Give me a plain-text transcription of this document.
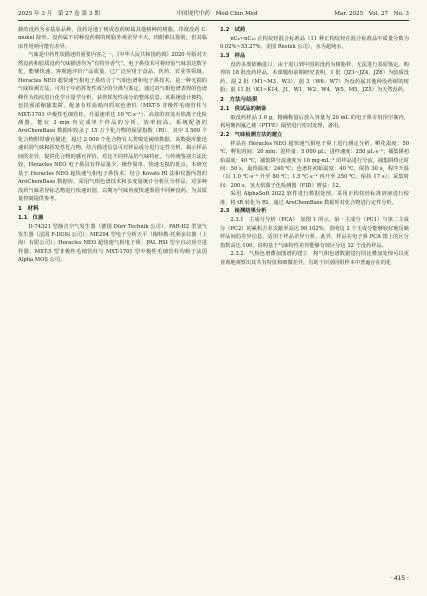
2025 年 3 月　第 27 卷 第 3 期	中国现代中药　Mod Chin Med	Mar. 2025　Vol. 27　No. 3

载的没药为多基原品种。没药是地丁树或没药树属其他树种的树脂，印度没药 C. mukul 除外。没药属不同种没药树的树脂外观差异不大，肉眼难以鉴别，但其临床作用则可能有差异。

气味是中药性状描述的重要内容之一，《中华人民共和国药典》2020 年版对天然没药和胶质没药气味描述均为“有特异香气”。电子鼻技术可将经验气味表达数字化，能够快速、客观地评价产品质量，已广泛应用于食品、医药、农业等领域。Heracles NEO 超快速气相电子鼻结合了气相色谱和电子鼻技术，是一种无损的气味检测方法，可用于中药挥发性成分的分离与鉴定，通过对气相色谱表得的色谱峰作为指纹进行化学计量学分析，获得挥发性成分的整体信息。该系统设计独特，包括预浓缩捕集阱、配备有柱温箱内的双色谱柱（MXT-5 非极性毛细管柱与 MXT-1701 中极性毛细管柱，升温速率达 10 ℃·s⁻¹）、高效的双氢火焰离子化检测器，能在 3 min 内完成单个样品的分析，效率较高。系统配备的 AroChemBase 数据库收录了 15 万个化合物的保留指数（RI），其中 3 500 个化合物附带感官描述，超过 2 000 个化合物有人类嗅觉阈值数据。该数据库能迅速识别气味和挥发性化合物，结合描述信息可对样品成分进行定性分析，揭示样品间的差异，提供化合物的感官评价，对比不同样品的气味特征。与传统鉴别方法比较，Heracles NEO 电子鼻具有样品量少、操作简单、快速无损的优点。本研究基于 Heracles NEO 超快速气相电子鼻技术，结合 Kovats RI 法和仪器内置的 AroChemBase 数据库，采用气相色谱技术和多变量统计分析区分样品，对多种没药气味差异标志物进行快速识别，以期为气味角度快速鉴别不同种没药，为其质量控制提供参考。

1　材料
1.1　仪器

D-74321 型静音空气发生器（德国 Dürr Technik 公司）；PAR-H2 型氢气发生器（法国 F-DGSi 公司）；ME204 型电子分析天平（梅特勒-托利多仪器（上海）有限公司）；Heracles NEO 超快速气相电子鼻、PAL RSI 型全自动顶空进样器、MXT-5 型非极性毛细管柱与 MXT-1701 型中极性毛细管柱均购于法国 Alpha MOS 公司。

1.2　试药

nC₆~nC₁₆ 正构烷烃混合标准品（11 种正构烷烃在混合标准品中质量分数为 0.02%~53.27%，美国 Restek 公司），水为超纯水。

1.3　样品

没药多部依赖进口，由于进口到中国的没药为树脂样，无法进行基原鉴定。购得的 18 批没药样品，本课题组前期研究表明，1 批（JZ1~JZ4、JZ6）为胶质没药，混 2 批（M1~M3、W3）、混 3（W6、W7）为没药属其他种没药树的树脂；混 11 批（K1~K14、J1、W1、W2、W4、W5、M5、JZ5）为天然没药。

2　方法与结果
2.1　供试品的制备

取没药样品 1.0 g，精确称量后放入容量为 20 mL 的电子鼻专用顶空瓶内，利用聚四氟乙烯（PTFE）隔垫进行密封处理，备用。

2.2　气味检测方法的建立

样品在 Heracles NEO 超快速气相电子鼻上进行测定分析。孵化温度：50 ℃，孵化时间：20 min；进样量：5 000 μL；进样速度：250 μL·s⁻¹；捕集阱初始温度：40 ℃，捕集阱分流速度为 10 mg·mL⁻¹ 的样品进行分流，捕集阱终止时间：50 s，最终温度：240 ℃；色谱柱初始温度：40 ℃，保持 30 s，程序升温（以 1.0 ℃·s⁻¹ 升至 80 ℃；1.5 ℃·s⁻¹ 再升至 250 ℃，保持 17 s）；采集时间：200 s，氢火焰离子化检测器（FID）增益：12。

采用 AlphaSoft 2022 软件进行数据处理。采用正构烷烃标准溶液进行校准，将 tR 转化为 RI，通过 AroChemBase 数据库对化合物进行定性分析。

2.3　检测结果分析

2.3.1　主成分分析（PCA）　如图 1 所示，第一主成分（PC1）与第二主成分（PC2）的累积方差贡献率高达 99.102%，表明这 2 个主成分能够较好地反映样品间的差异信息，适用于样品差异分析。此外，样品在电子鼻 PCA 图上的区分指数高达 100，说明基于气味特性差异能够有效区分这 32 个没药样品。

2.3.2　气相色谱叠加图谱的建立　将气相色谱数据进行同比叠加处理可以更直观地观察出其共有特征和细微差异，有助于识别同组样本中普遍存在的化

· 415 ·
